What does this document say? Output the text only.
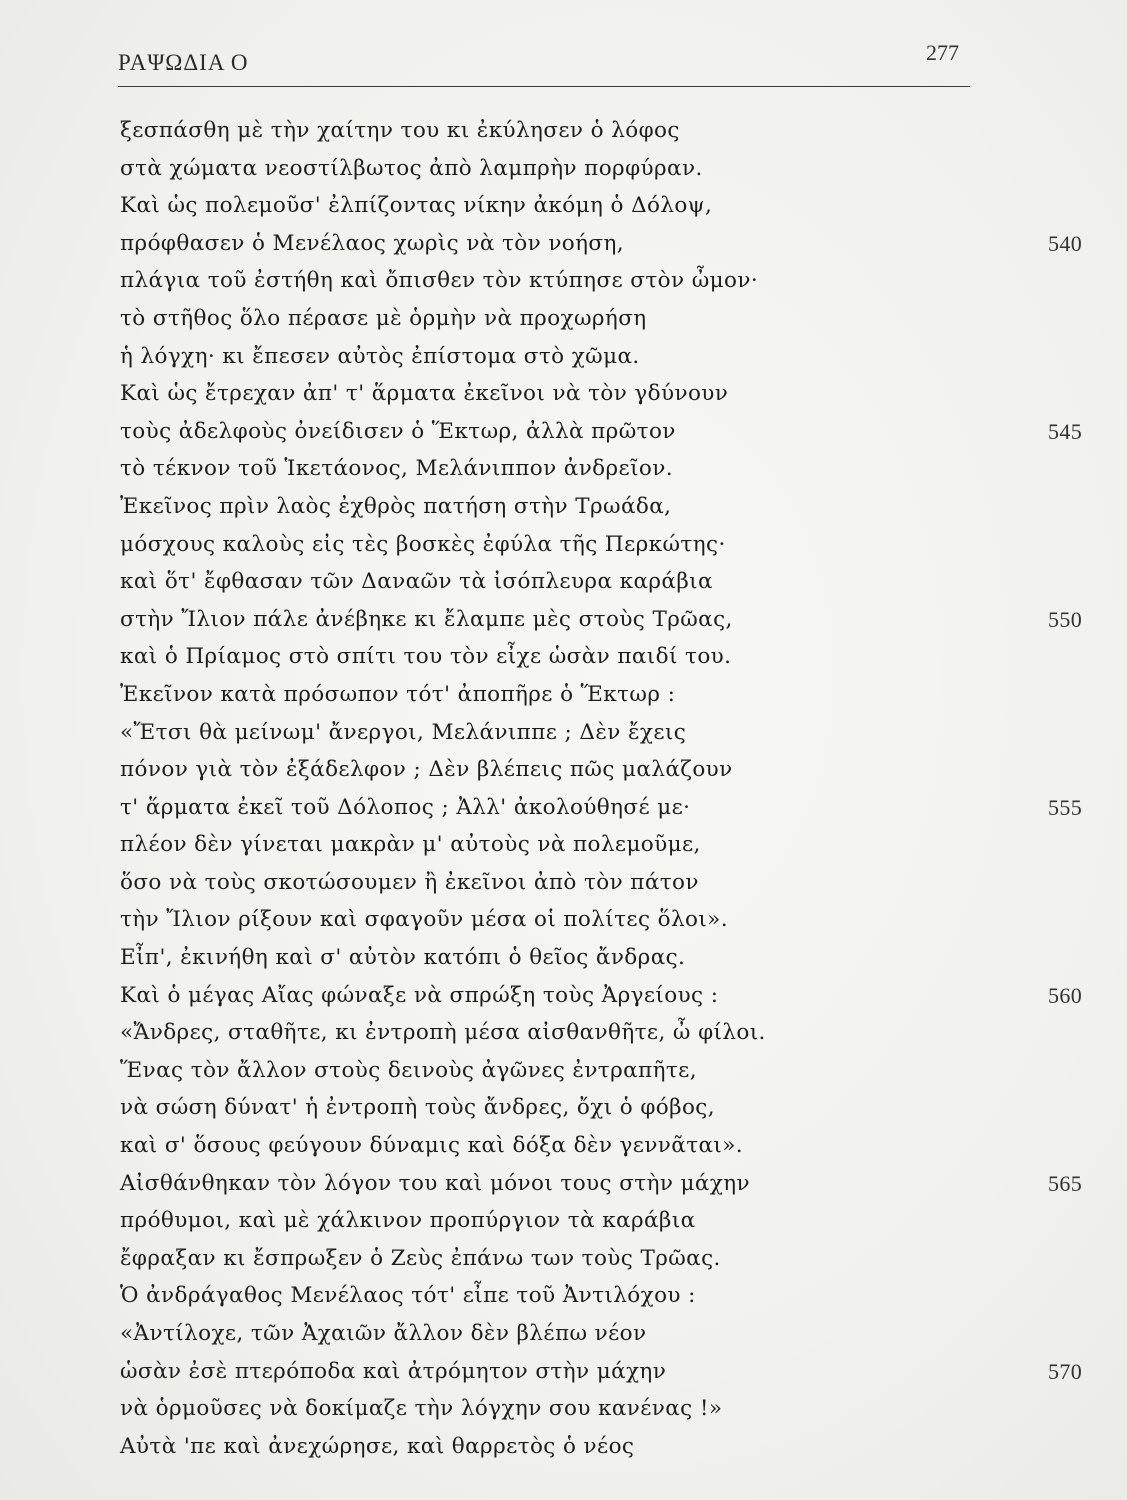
ΡΑΨΩΔΙΑ Ο	277
ξεσπάσθη μὲ τὴν χαίτην του κι ἐκύλησεν ὁ λόφος
στὰ χώματα νεοστίλβωτος ἀπὸ λαμπρὴν πορφύραν.
Καὶ ὡς πολεμοῦσ' ἐλπίζοντας νίκην ἀκόμη ὁ Δόλοψ,
πρόφθασεν ὁ Μενέλαος χωρὶς νὰ τὸν νοήση,	540
πλάγια τοῦ ἐστήθη καὶ ὄπισθεν τὸν κτύπησε στὸν ὦμον·
τὸ στῆθος ὅλο πέρασε μὲ ὁρμὴν νὰ προχωρήση
ἡ λόγχη· κι ἔπεσεν αὐτὸς ἐπίστομα στὸ χῶμα.
Καὶ ὡς ἔτρεχαν ἀπ' τ' ἅρματα ἐκεῖνοι νὰ τὸν γδύνουν
τοὺς ἀδελφοὺς ὀνείδισεν ὁ Ἕκτωρ, ἀλλὰ πρῶτον	545
τὸ τέκνον τοῦ Ἱκετάονος, Μελάνιππον ἀνδρεῖον.
Ἐκεῖνος πρὶν λαὸς ἐχθρὸς πατήση στὴν Τρωάδα,
μόσχους καλοὺς εἰς τὲς βοσκὲς ἐφύλα τῆς Περκώτης·
καὶ ὅτ' ἔφθασαν τῶν Δαναῶν τὰ ἰσόπλευρα καράβια
στὴν Ἴλιον πάλε ἀνέβηκε κι ἔλαμπε μὲς στοὺς Τρῶας,	550
καὶ ὁ Πρίαμος στὸ σπίτι του τὸν εἶχε ὡσὰν παιδί του.
Ἐκεῖνον κατὰ πρόσωπον τότ' ἀποπῆρε ὁ Ἕκτωρ :
«Ἔτσι θὰ μείνωμ' ἄνεργοι, Μελάνιππε ; Δὲν ἔχεις
πόνον γιὰ τὸν ἐξάδελφον ; Δὲν βλέπεις πῶς μαλάζουν
τ' ἅρματα ἐκεῖ τοῦ Δόλοπος ; Ἀλλ' ἀκολούθησέ με·	555
πλέον δὲν γίνεται μακρὰν μ' αὐτοὺς νὰ πολεμοῦμε,
ὅσο νὰ τοὺς σκοτώσουμεν ἢ ἐκεῖνοι ἀπὸ τὸν πάτον
τὴν Ἴλιον ρίξουν καὶ σφαγοῦν μέσα οἱ πολίτες ὅλοι».
Εἶπ', ἐκινήθη καὶ σ' αὐτὸν κατόπι ὁ θεῖος ἄνδρας.
Καὶ ὁ μέγας Αἴας φώναξε νὰ σπρώξη τοὺς Ἀργείους :	560
«Ἄνδρες, σταθῆτε, κι ἐντροπὴ μέσα αἰσθανθῆτε, ὦ φίλοι.
Ἕνας τὸν ἄλλον στοὺς δεινοὺς ἀγῶνες ἐντραπῆτε,
νὰ σώση δύνατ' ἡ ἐντροπὴ τοὺς ἄνδρες, ὄχι ὁ φόβος,
καὶ σ' ὅσους φεύγουν δύναμις καὶ δόξα δὲν γεννᾶται».
Αἰσθάνθηκαν τὸν λόγον του καὶ μόνοι τους στὴν μάχην	565
πρόθυμοι, καὶ μὲ χάλκινον προπύργιον τὰ καράβια
ἔφραξαν κι ἔσπρωξεν ὁ Ζεὺς ἐπάνω των τοὺς Τρῶας.
Ὁ ἀνδράγαθος Μενέλαος τότ' εἶπε τοῦ Ἀντιλόχου :
«Ἀντίλοχε, τῶν Ἀχαιῶν ἄλλον δὲν βλέπω νέον
ὡσὰν ἐσὲ πτερόποδα καὶ ἀτρόμητον στὴν μάχην	570
νὰ ὁρμοῦσες νὰ δοκίμαζε τὴν λόγχην σου κανένας !»
Αὐτὰ 'πε καὶ ἀνεχώρησε, καὶ θαρρετὸς ὁ νέος
